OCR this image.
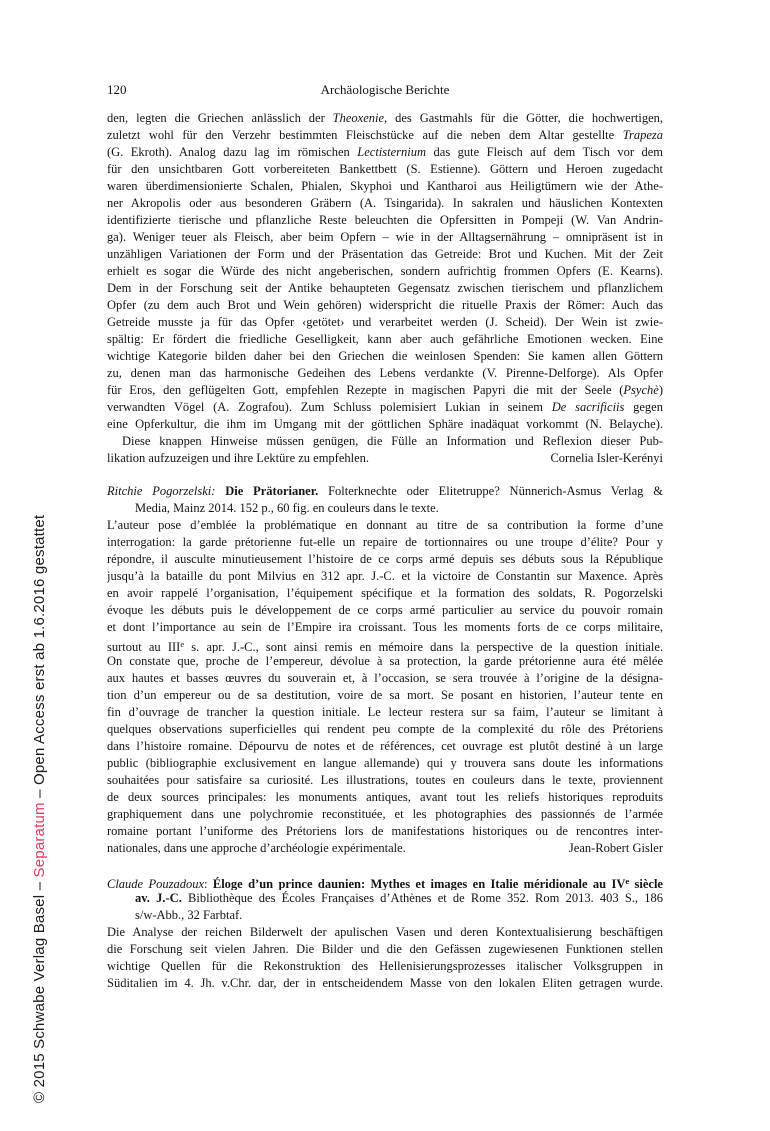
© 2015 Schwabe Verlag Basel – Separatum – Open Access erst ab 1.6.2016 gestattet
120	Archäologische Berichte
den, legten die Griechen anlässlich der Theoxenie, des Gastmahls für die Götter, die hochwertigen,
zuletzt wohl für den Verzehr bestimmten Fleischstücke auf die neben dem Altar gestellte Trapeza
(G. Ekroth). Analog dazu lag im römischen Lectisternium das gute Fleisch auf dem Tisch vor dem
für den unsichtbaren Gott vorbereiteten Bankettbett (S. Estienne). Göttern und Heroen zugedacht
waren überdimensionierte Schalen, Phialen, Skyphoi und Kantharoi aus Heiligtümern wie der Athe-
ner Akropolis oder aus besonderen Gräbern (A. Tsingarida). In sakralen und häuslichen Kontexten
identifizierte tierische und pflanzliche Reste beleuchten die Opfersitten in Pompeji (W. Van Andrin-
ga). Weniger teuer als Fleisch, aber beim Opfern – wie in der Alltagsernährung – omnipräsent ist in
unzähligen Variationen der Form und der Präsentation das Getreide: Brot und Kuchen. Mit der Zeit
erhielt es sogar die Würde des nicht angeberischen, sondern aufrichtig frommen Opfers (E. Kearns).
Dem in der Forschung seit der Antike behaupteten Gegensatz zwischen tierischem und pflanzlichem
Opfer (zu dem auch Brot und Wein gehören) widerspricht die rituelle Praxis der Römer: Auch das
Getreide musste ja für das Opfer ‹getötet› und verarbeitet werden (J. Scheid). Der Wein ist zwie-
spältig: Er fördert die friedliche Geselligkeit, kann aber auch gefährliche Emotionen wecken. Eine
wichtige Kategorie bilden daher bei den Griechen die weinlosen Spenden: Sie kamen allen Göttern
zu, denen man das harmonische Gedeihen des Lebens verdankte (V. Pirenne-Delforge). Als Opfer
für Eros, den geflügelten Gott, empfehlen Rezepte in magischen Papyri die mit der Seele (Psychè)
verwandten Vögel (A. Zografou). Zum Schluss polemisiert Lukian in seinem De sacrificiis gegen
eine Opferkultur, die ihm im Umgang mit der göttlichen Sphäre inadäquat vorkommt (N. Belayche).
Diese knappen Hinweise müssen genügen, die Fülle an Information und Reflexion dieser Pub-
likation aufzuzeigen und ihre Lektüre zu empfehlen.	Cornelia Isler-Kerényi
Ritchie Pogorzelski: Die Prätorianer. Folterknechte oder Elitetruppe? Nünnerich-Asmus Verlag &
Media, Mainz 2014. 152 p., 60 fig. en couleurs dans le texte.
L’auteur pose d’emblée la problématique en donnant au titre de sa contribution la forme d’une
interrogation: la garde prétorienne fut-elle un repaire de tortionnaires ou une troupe d’élite? Pour y
répondre, il ausculte minutieusement l’histoire de ce corps armé depuis ses débuts sous la République
jusqu’à la bataille du pont Milvius en 312 apr. J.-C. et la victoire de Constantin sur Maxence. Après
en avoir rappelé l’organisation, l’équipement spécifique et la formation des soldats, R. Pogorzelski
évoque les débuts puis le développement de ce corps armé particulier au service du pouvoir romain
et dont l’importance au sein de l’Empire ira croissant. Tous les moments forts de ce corps militaire,
surtout au IIIe s. apr. J.-C., sont ainsi remis en mémoire dans la perspective de la question initiale.
On constate que, proche de l’empereur, dévolue à sa protection, la garde prétorienne aura été mêlée
aux hautes et basses œuvres du souverain et, à l’occasion, se sera trouvée à l’origine de la désigna-
tion d’un empereur ou de sa destitution, voire de sa mort. Se posant en historien, l’auteur tente en
fin d’ouvrage de trancher la question initiale. Le lecteur restera sur sa faim, l’auteur se limitant à
quelques observations superficielles qui rendent peu compte de la complexité du rôle des Prétoriens
dans l’histoire romaine. Dépourvu de notes et de références, cet ouvrage est plutôt destiné à un large
public (bibliographie exclusivement en langue allemande) qui y trouvera sans doute les informations
souhaitées pour satisfaire sa curiosité. Les illustrations, toutes en couleurs dans le texte, proviennent
de deux sources principales: les monuments antiques, avant tout les reliefs historiques reproduits
graphiquement dans une polychromie reconstituée, et les photographies des passionnés de l’armée
romaine portant l’uniforme des Prétoriens lors de manifestations historiques ou de rencontres inter-
nationales, dans une approche d’archéologie expérimentale.	Jean-Robert Gisler
Claude Pouzadoux: Éloge d’un prince daunien: Mythes et images en Italie méridionale au IVe siècle
av. J.-C. Bibliothèque des Écoles Françaises d’Athènes et de Rome 352. Rom 2013. 403 S., 186
s/w-Abb., 32 Farbtaf.
Die Analyse der reichen Bilderwelt der apulischen Vasen und deren Kontextualisierung beschäftigen
die Forschung seit vielen Jahren. Die Bilder und die den Gefässen zugewiesenen Funktionen stellen
wichtige Quellen für die Rekonstruktion des Hellenisierungsprozesses italischer Volksgruppen in
Süditalien im 4. Jh. v.Chr. dar, der in entscheidendem Masse von den lokalen Eliten getragen wurde.
